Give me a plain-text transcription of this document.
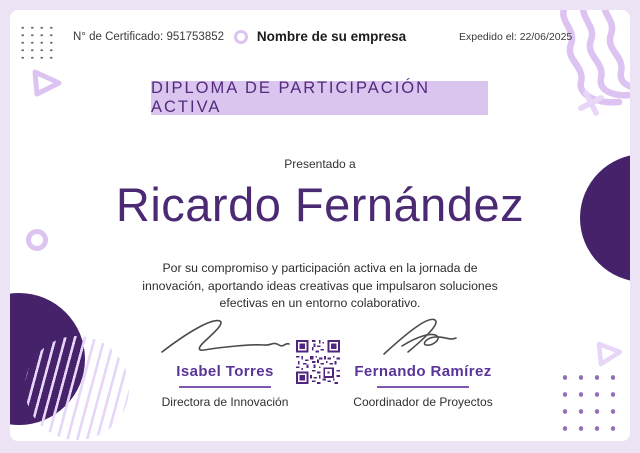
N° de Certificado: 951753852 Nombre de su empresa	Expedido el: 22/06/2025
DIPLOMA DE PARTICIPACIÓN ACTIVA
Presentado a
Ricardo Fernández
Por su compromiso y participación activa en la jornada de
innovación, aportando ideas creativas que impulsaron soluciones
efectivas en un entorno colaborativo.
Isabel Torres
Directora de Innovación
Fernando Ramírez
Coordinador de Proyectos
